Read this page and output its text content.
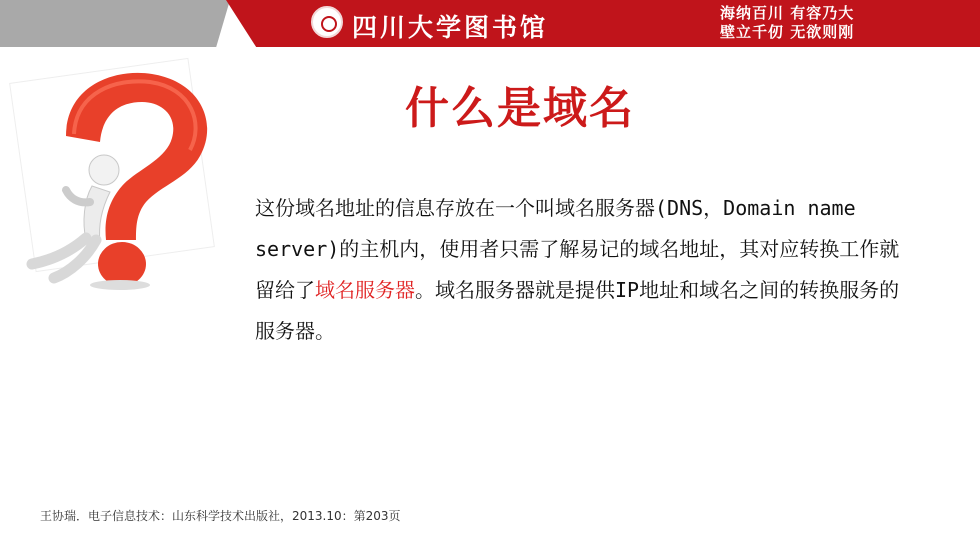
四川大学图书馆	海纳百川 有容乃大
壁立千仞 无欲则刚
什么是域名
这份域名地址的信息存放在一个叫域名服务器(DNS，Domain name server)的主机内，使用者只需了解易记的域名地址，其对应转换工作就留给了域名服务器。域名服务器就是提供IP地址和域名之间的转换服务的服务器。
王协瑞．电子信息技术：山东科学技术出版社，2013.10：第203页
